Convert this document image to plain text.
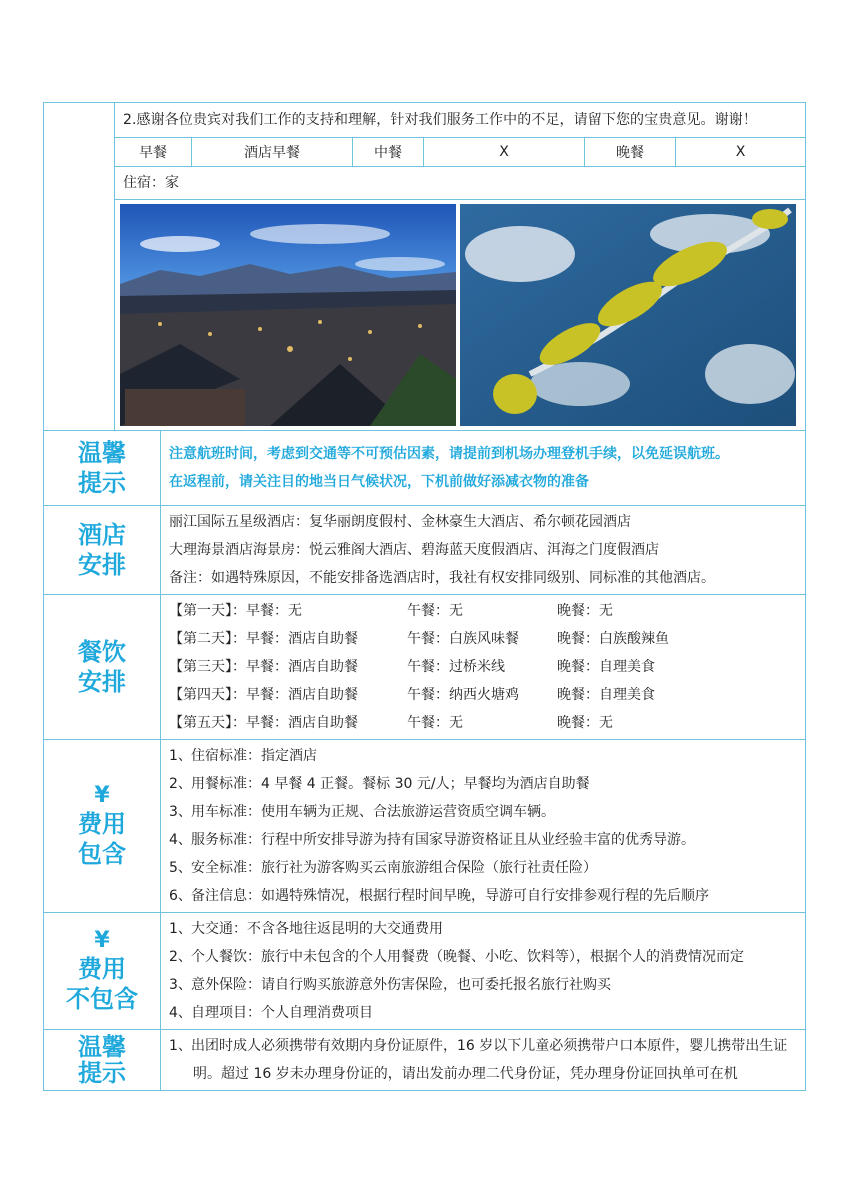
	2.感谢各位贵宾对我们工作的支持和理解，针对我们服务工作中的不足，请留下您的宝贵意见。谢谢！					
	早餐	酒店早餐	中餐	X	晚餐	X
	住宿：家					

温馨
提示

注意航班时间，考虑到交通等不可预估因素，请提前到机场办理登机手续，以免延误航班。
在返程前，请关注目的地当日气候状况，下机前做好添减衣物的准备
酒店
安排

丽江国际五星级酒店：复华丽朗度假村、金林豪生大酒店、希尔顿花园酒店
大理海景酒店海景房：悦云雅阁大酒店、碧海蓝天度假酒店、洱海之门度假酒店
备注：如遇特殊原因，不能安排备选酒店时，我社有权安排同级别、同标准的其他酒店。
餐饮
安排

【第一天】：早餐：无	午餐：无	晚餐：无
【第二天】：早餐：酒店自助餐	午餐：白族风味餐	晚餐：白族酸辣鱼
【第三天】：早餐：酒店自助餐	午餐：过桥米线	晚餐：自理美食
【第四天】：早餐：酒店自助餐	午餐：纳西火塘鸡	晚餐：自理美食
【第五天】：早餐：酒店自助餐	午餐：无	晚餐：无
¥
费用
包含

1、住宿标准：指定酒店
2、用餐标准：4 早餐 4 正餐。餐标 30 元/人；早餐均为酒店自助餐
3、用车标准：使用车辆为正规、合法旅游运营资质空调车辆。
4、服务标准：行程中所安排导游为持有国家导游资格证且从业经验丰富的优秀导游。
5、安全标准：旅行社为游客购买云南旅游组合保险（旅行社责任险）
6、备注信息：如遇特殊情况，根据行程时间早晚，导游可自行安排参观行程的先后顺序
¥
费用
不包含

1、大交通：不含各地往返昆明的大交通费用
2、个人餐饮：旅行中未包含的个人用餐费（晚餐、小吃、饮料等），根据个人的消费情况而定
3、意外保险：请自行购买旅游意外伤害保险，也可委托报名旅行社购买
4、自理项目：个人自理消费项目
温馨
提示

1、出团时成人必须携带有效期内身份证原件，16 岁以下儿童必须携带户口本原件，婴儿携带出生证明。超过 16 岁未办理身份证的，请出发前办理二代身份证，凭办理身份证回执单可在机
